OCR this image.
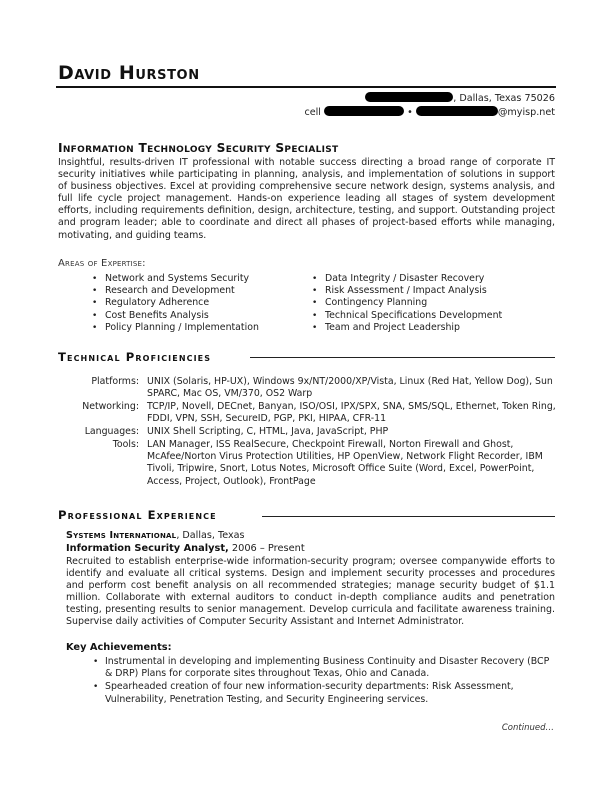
David Hurston
, Dallas, Texas 75026
cell	•	@myisp.net
Information Technology Security Specialist
Insightful, results-driven IT professional with notable success directing a broad range of corporate IT security initiatives while participating in planning, analysis, and implementation of solutions in support of business objectives. Excel at providing comprehensive secure network design, systems analysis, and full life cycle project management. Hands-on experience leading all stages of system development efforts, including requirements definition, design, architecture, testing, and support. Outstanding project and program leader; able to coordinate and direct all phases of project-based efforts while managing, motivating, and guiding teams.
Areas of Expertise:
• Network and Systems Security
• Research and Development
• Regulatory Adherence
• Cost Benefits Analysis
• Policy Planning / Implementation
• Data Integrity / Disaster Recovery
• Risk Assessment / Impact Analysis
• Contingency Planning
• Technical Specifications Development
• Team and Project Leadership
Technical Proficiencies
Platforms: UNIX (Solaris, HP-UX), Windows 9x/NT/2000/XP/Vista, Linux (Red Hat, Yellow Dog), Sun SPARC, Mac OS, VM/370, OS2 Warp
Networking: TCP/IP, Novell, DECnet, Banyan, ISO/OSI, IPX/SPX, SNA, SMS/SQL, Ethernet, Token Ring, FDDI, VPN, SSH, SecureID, PGP, PKI, HIPAA, CFR-11
Languages: UNIX Shell Scripting, C, HTML, Java, JavaScript, PHP
Tools: LAN Manager, ISS RealSecure, Checkpoint Firewall, Norton Firewall and Ghost, McAfee/Norton Virus Protection Utilities, HP OpenView, Network Flight Recorder, IBM Tivoli, Tripwire, Snort, Lotus Notes, Microsoft Office Suite (Word, Excel, PowerPoint, Access, Project, Outlook), FrontPage
Professional Experience
Systems International, Dallas, Texas
Information Security Analyst, 2006 – Present
Recruited to establish enterprise-wide information-security program; oversee companywide efforts to identify and evaluate all critical systems. Design and implement security processes and procedures and perform cost benefit analysis on all recommended strategies; manage security budget of $1.1 million. Collaborate with external auditors to conduct in-depth compliance audits and penetration testing, presenting results to senior management. Develop curricula and facilitate awareness training. Supervise daily activities of Computer Security Assistant and Internet Administrator.
Key Achievements:
• Instrumental in developing and implementing Business Continuity and Disaster Recovery (BCP & DRP) Plans for corporate sites throughout Texas, Ohio and Canada.
• Spearheaded creation of four new information-security departments: Risk Assessment, Vulnerability, Penetration Testing, and Security Engineering services.
Continued…
